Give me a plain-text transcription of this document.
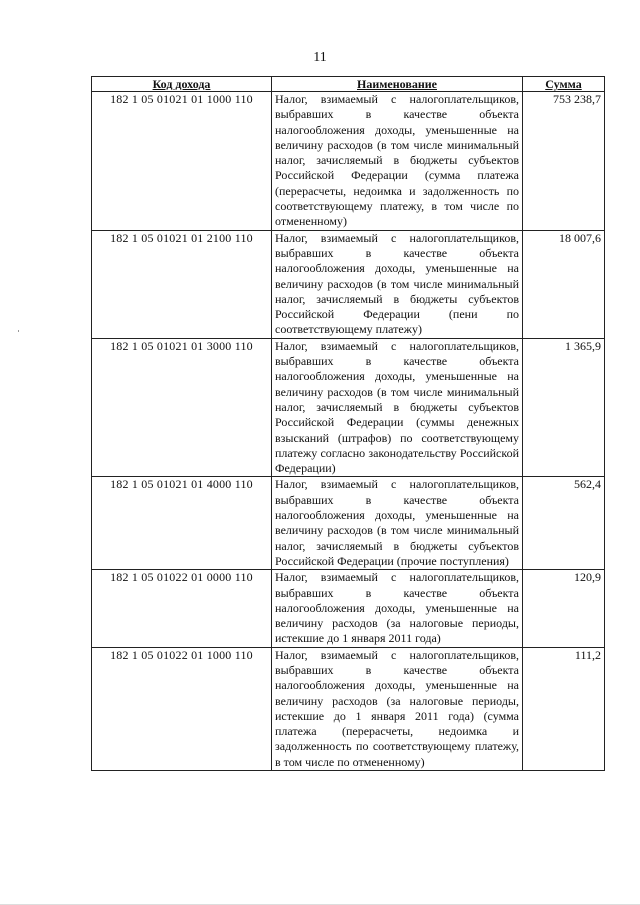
11
Код дохода	Наименование	Сумма
182 1 05 01021 01 1000 110	Налог, взимаемый с налогоплательщиков, выбравших в качестве объекта налогообложения доходы, уменьшенные на величину расходов (в том числе минимальный налог, зачисляемый в бюджеты субъектов Российской Федерации (сумма платежа (перерасчеты, недоимка и задолженность по соответствующему платежу, в том числе по отмененному)	753 238,7
182 1 05 01021 01 2100 110	Налог, взимаемый с налогоплательщиков, выбравших в качестве объекта налогообложения доходы, уменьшенные на величину расходов (в том числе минимальный налог, зачисляемый в бюджеты субъектов Российской Федерации (пени по соответствующему платежу)	18 007,6
182 1 05 01021 01 3000 110	Налог, взимаемый с налогоплательщиков, выбравших в качестве объекта налогообложения доходы, уменьшенные на величину расходов (в том числе минимальный налог, зачисляемый в бюджеты субъектов Российской Федерации (суммы денежных взысканий (штрафов) по соответствующему платежу согласно законодательству Российской Федерации)	1 365,9
182 1 05 01021 01 4000 110	Налог, взимаемый с налогоплательщиков, выбравших в качестве объекта налогообложения доходы, уменьшенные на величину расходов (в том числе минимальный налог, зачисляемый в бюджеты субъектов Российской Федерации (прочие поступления)	562,4
182 1 05 01022 01 0000 110	Налог, взимаемый с налогоплательщиков, выбравших в качестве объекта налогообложения доходы, уменьшенные на величину расходов (за налоговые периоды, истекшие до 1 января 2011 года)	120,9
182 1 05 01022 01 1000 110	Налог, взимаемый с налогоплательщиков, выбравших в качестве объекта налогообложения доходы, уменьшенные на величину расходов (за налоговые периоды, истекшие до 1 января 2011 года) (сумма платежа (перерасчеты, недоимка и задолженность по соответствующему платежу, в том числе по отмененному)	111,2
